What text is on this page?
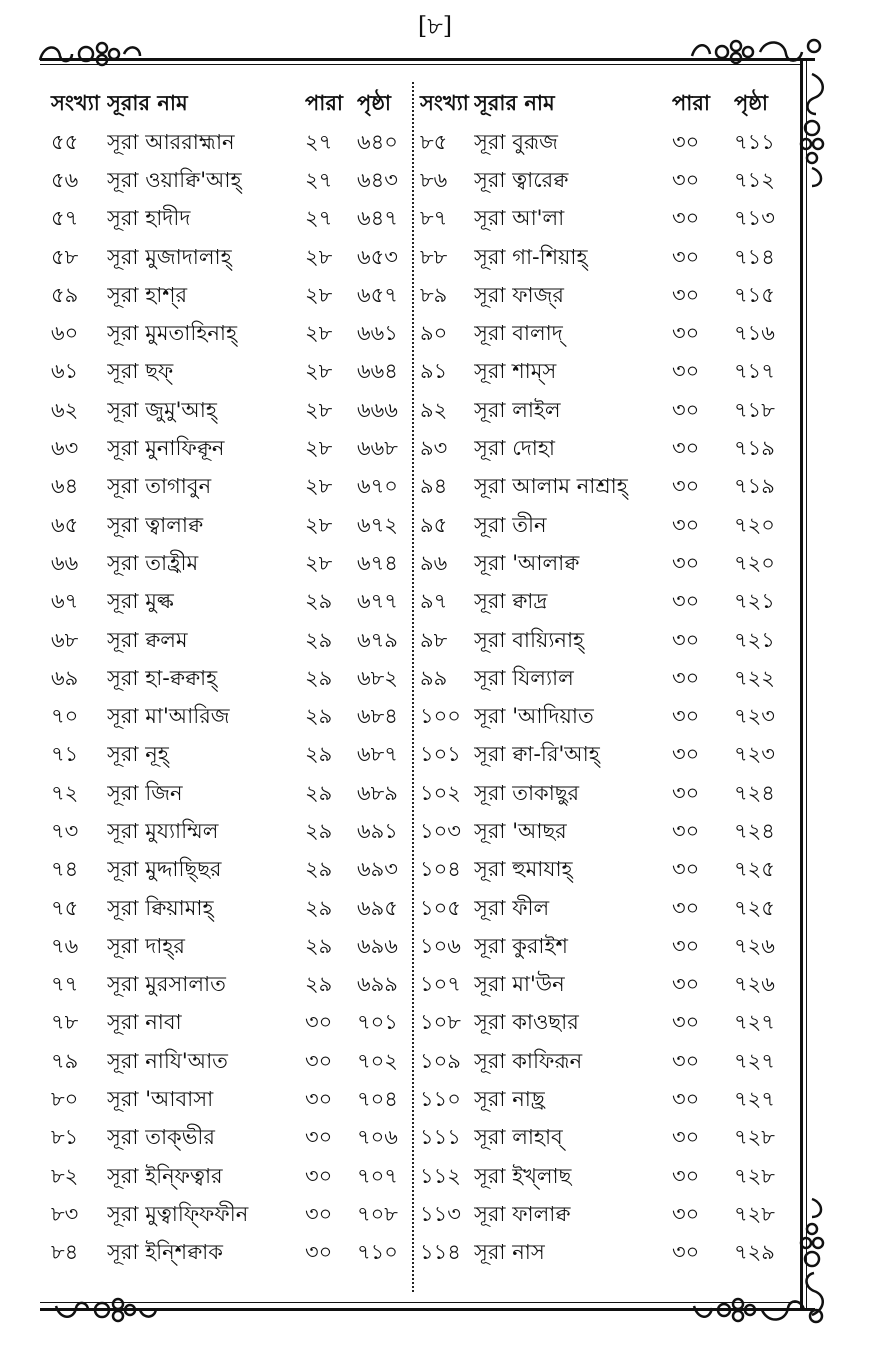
[৮]
সংখ্যা সূরার নাম	পারা পৃষ্ঠা
৫৫	সূরা আররাহ্মান	২৭	৬৪০
৫৬	সূরা ওয়াক্বি'আহ্	২৭	৬৪৩
৫৭	সূরা হাদীদ	২৭	৬৪৭
৫৮	সূরা মুজাদালাহ্	২৮	৬৫৩
৫৯	সূরা হাশ্‌র	২৮	৬৫৭
৬০	সূরা মুমতাহিনাহ্	২৮	৬৬১
৬১	সূরা ছফ্	২৮	৬৬৪
৬২	সূরা জুমু'আহ্	২৮	৬৬৬
৬৩	সূরা মুনাফিক্বূন	২৮	৬৬৮
৬৪	সূরা তাগাবুন	২৮	৬৭০
৬৫	সূরা ত্বালাক্ব	২৮	৬৭২
৬৬	সূরা তাহ্রীম	২৮	৬৭৪
৬৭	সূরা মুল্ক	২৯	৬৭৭
৬৮	সূরা ক্বলম	২৯	৬৭৯
৬৯	সূরা হা-ক্বক্বাহ্	২৯	৬৮২
৭০	সূরা মা'আরিজ	২৯	৬৮৪
৭১	সূরা নূহ্	২৯	৬৮৭
৭২	সূরা জিন	২৯	৬৮৯
৭৩	সূরা মুয্যাম্মিল	২৯	৬৯১
৭৪	সূরা মুদ্দাছ্ছির	২৯	৬৯৩
৭৫	সূরা ক্বিয়ামাহ্	২৯	৬৯৫
৭৬	সূরা দাহ্‌র	২৯	৬৯৬
৭৭	সূরা মুরসালাত	২৯	৬৯৯
৭৮	সূরা নাবা	৩০	৭০১
৭৯	সূরা নাযি'আত	৩০	৭০২
৮০	সূরা 'আবাসা	৩০	৭০৪
৮১	সূরা তাক্ভীর	৩০	৭০৬
৮২	সূরা ইন্ফিত্বার	৩০	৭০৭
৮৩	সূরা মুত্বাফ্ফিফীন	৩০	৭০৮
৮৪	সূরা ইন্শিক্বাক	৩০	৭১০
সংখ্যা সূরার নাম	পারা	পৃষ্ঠা
৮৫	সূরা বুরূজ	৩০	৭১১
৮৬	সূরা ত্বারেক্ব	৩০	৭১২
৮৭	সূরা আ'লা	৩০	৭১৩
৮৮	সূরা গা-শিয়াহ্	৩০	৭১৪
৮৯	সূরা ফাজ্‌র	৩০	৭১৫
৯০	সূরা বালাদ্	৩০	৭১৬
৯১	সূরা শাম্স	৩০	৭১৭
৯২	সূরা লাইল	৩০	৭১৮
৯৩	সূরা দোহা	৩০	৭১৯
৯৪	সূরা আলাম নাশ্রাহ্	৩০	৭১৯
৯৫	সূরা তীন	৩০	৭২০
৯৬	সূরা 'আলাক্ব	৩০	৭২০
৯৭	সূরা ক্বাদ্র	৩০	৭২১
৯৮	সূরা বায়্যিনাহ্	৩০	৭২১
৯৯	সূরা যিল্যাল	৩০	৭২২
১০০ সূরা 'আদিয়াত	৩০	৭২৩
১০১ সূরা ক্বা-রি'আহ্	৩০	৭২৩
১০২ সূরা তাকাছুর	৩০	৭২৪
১০৩ সূরা 'আছর	৩০	৭২৪
১০৪ সূরা হুমাযাহ্	৩০	৭২৫
১০৫ সূরা ফীল	৩০	৭২৫
১০৬ সূরা কুরাইশ	৩০	৭২৬
১০৭ সূরা মা'উন	৩০	৭২৬
১০৮ সূরা কাওছার	৩০	৭২৭
১০৯ সূরা কাফিরূন	৩০	৭২৭
১১০ সূরা নাছ্র	৩০	৭২৭
১১১ সূরা লাহাব্	৩০	৭২৮
১১২ সূরা ইখ্লাছ	৩০	৭২৮
১১৩ সূরা ফালাক্ব	৩০	৭২৮
১১৪ সূরা নাস	৩০	৭২৯
